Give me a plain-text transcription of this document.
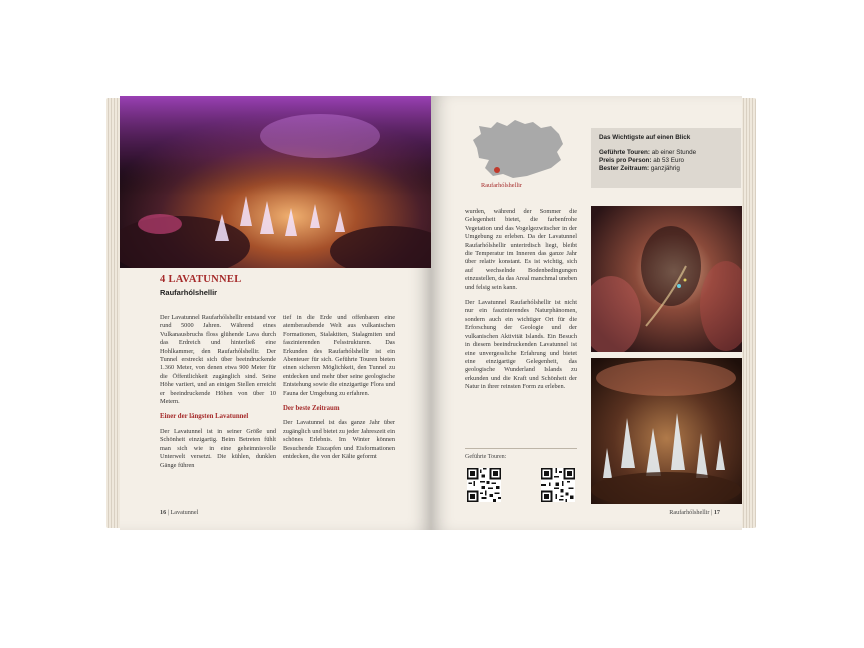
4 LAVATUNNEL
Raufarhólshellir

Der Lavatunnel Raufarhólshellir entstand vor rund 5000 Jahren. Während eines Vulkanausbruchs floss glühende Lava durch das Erdreich und hinterließ eine Hohlkammer, den Raufarhólshellir. Der Tunnel erstreckt sich über beeindruckende 1.360 Meter, von denen etwa 900 Meter für die Öffentlichkeit zugänglich sind. Seine Höhe variiert, und an einigen Stellen erreicht er beeindruckende Höhen von über 10 Metern.

Einer der längsten Lavatunnel

Der Lavatunnel ist in seiner Größe und Schönheit einzigartig. Beim Betreten fühlt man sich wie in eine geheimnisvolle Unterwelt versetzt. Die kühlen, dunklen Gänge führen

tief in die Erde und offenbaren eine atemberaubende Welt aus vulkanischen Formationen, Stalaktiten, Stalagmiten und faszinierenden Felsstrukturen. Das Erkunden des Raufarhólshellir ist ein Abenteuer für sich. Geführte Touren bieten einen sicheren Möglichkeit, den Tunnel zu entdecken und mehr über seine geologische Entstehung sowie die einzigartige Flora und Fauna der Umgebung zu erfahren.

Der beste Zeitraum

Der Lavatunnel ist das ganze Jahr über zugänglich und bietet zu jeder Jahreszeit ein schönes Erlebnis. Im Winter können Besuchende Eiszapfen und Eisformationen entdecken, die von der Kälte geformt

16 | Lavatunnel
Raufarhólshellir
Das Wichtigste auf einen Blick
Geführte Touren: ab einer Stunde
Preis pro Person: ab 53 Euro
Bester Zeitraum: ganzjährig

wurden, während der Sommer die Gelegenheit bietet, die farbenfrohe Vegetation und das Vogelgezwitscher in der Umgebung zu erleben. Da der Lavatunnel Raufarhólshellir unterirdisch liegt, bleibt die Temperatur im Inneren das ganze Jahr über relativ konstant. Es ist wichtig, sich auf wechselnde Bodenbedingungen einzustellen, da das Areal manchmal uneben und felsig sein kann.

Der Lavatunnel Raufarhólshellir ist nicht nur ein faszinierendes Naturphänomen, sondern auch ein wichtiger Ort für die Erforschung der Geologie und der vulkanischen Aktivität Islands. Ein Besuch in diesem beeindruckenden Lavatunnel ist eine unvergessliche Erfahrung und bietet eine einzigartige Gelegenheit, das geologische Wunderland Islands zu erkunden und die Kraft und Schönheit der Natur in ihrer reinsten Form zu erleben.

Geführte Touren:
Raufarhólshellir | 17
